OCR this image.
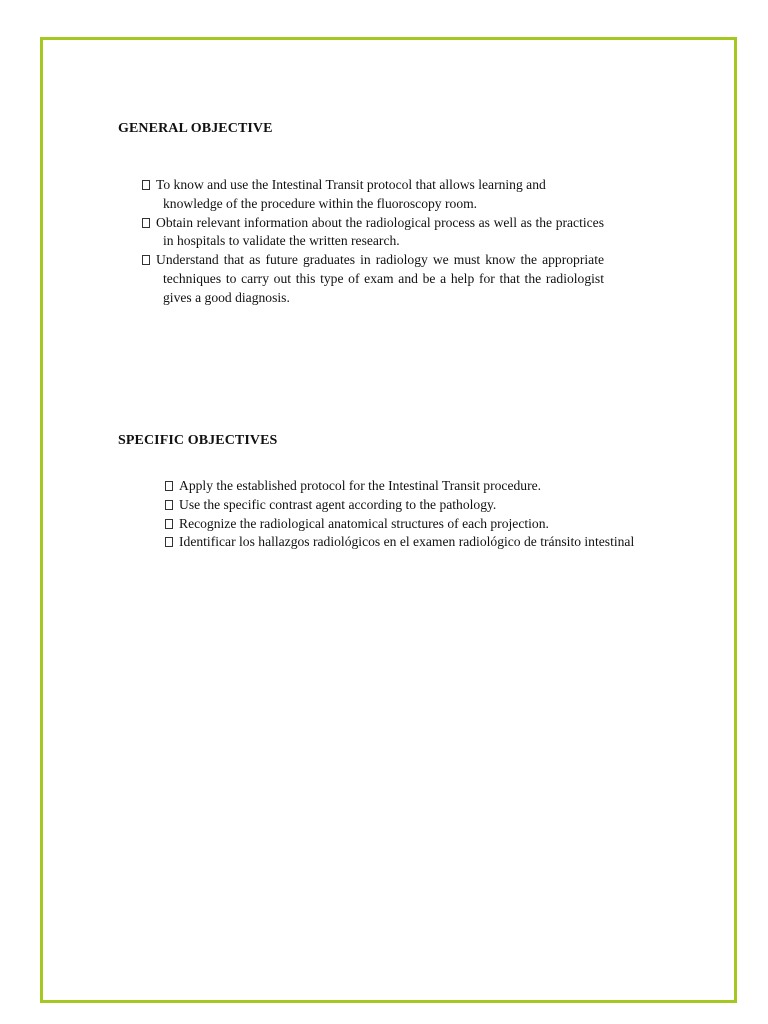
GENERAL OBJECTIVE
To know and use the Intestinal Transit protocol that allows learning and knowledge of the procedure within the fluoroscopy room.
Obtain relevant information about the radiological process as well as the practices in hospitals to validate the written research.
Understand that as future graduates in radiology we must know the appropriate techniques to carry out this type of exam and be a help for that the radiologist gives a good diagnosis.
SPECIFIC OBJECTIVES
Apply the established protocol for the Intestinal Transit procedure.
Use the specific contrast agent according to the pathology.
Recognize the radiological anatomical structures of each projection.
Identificar los hallazgos radiológicos en el examen radiológico de tránsito intestinal
